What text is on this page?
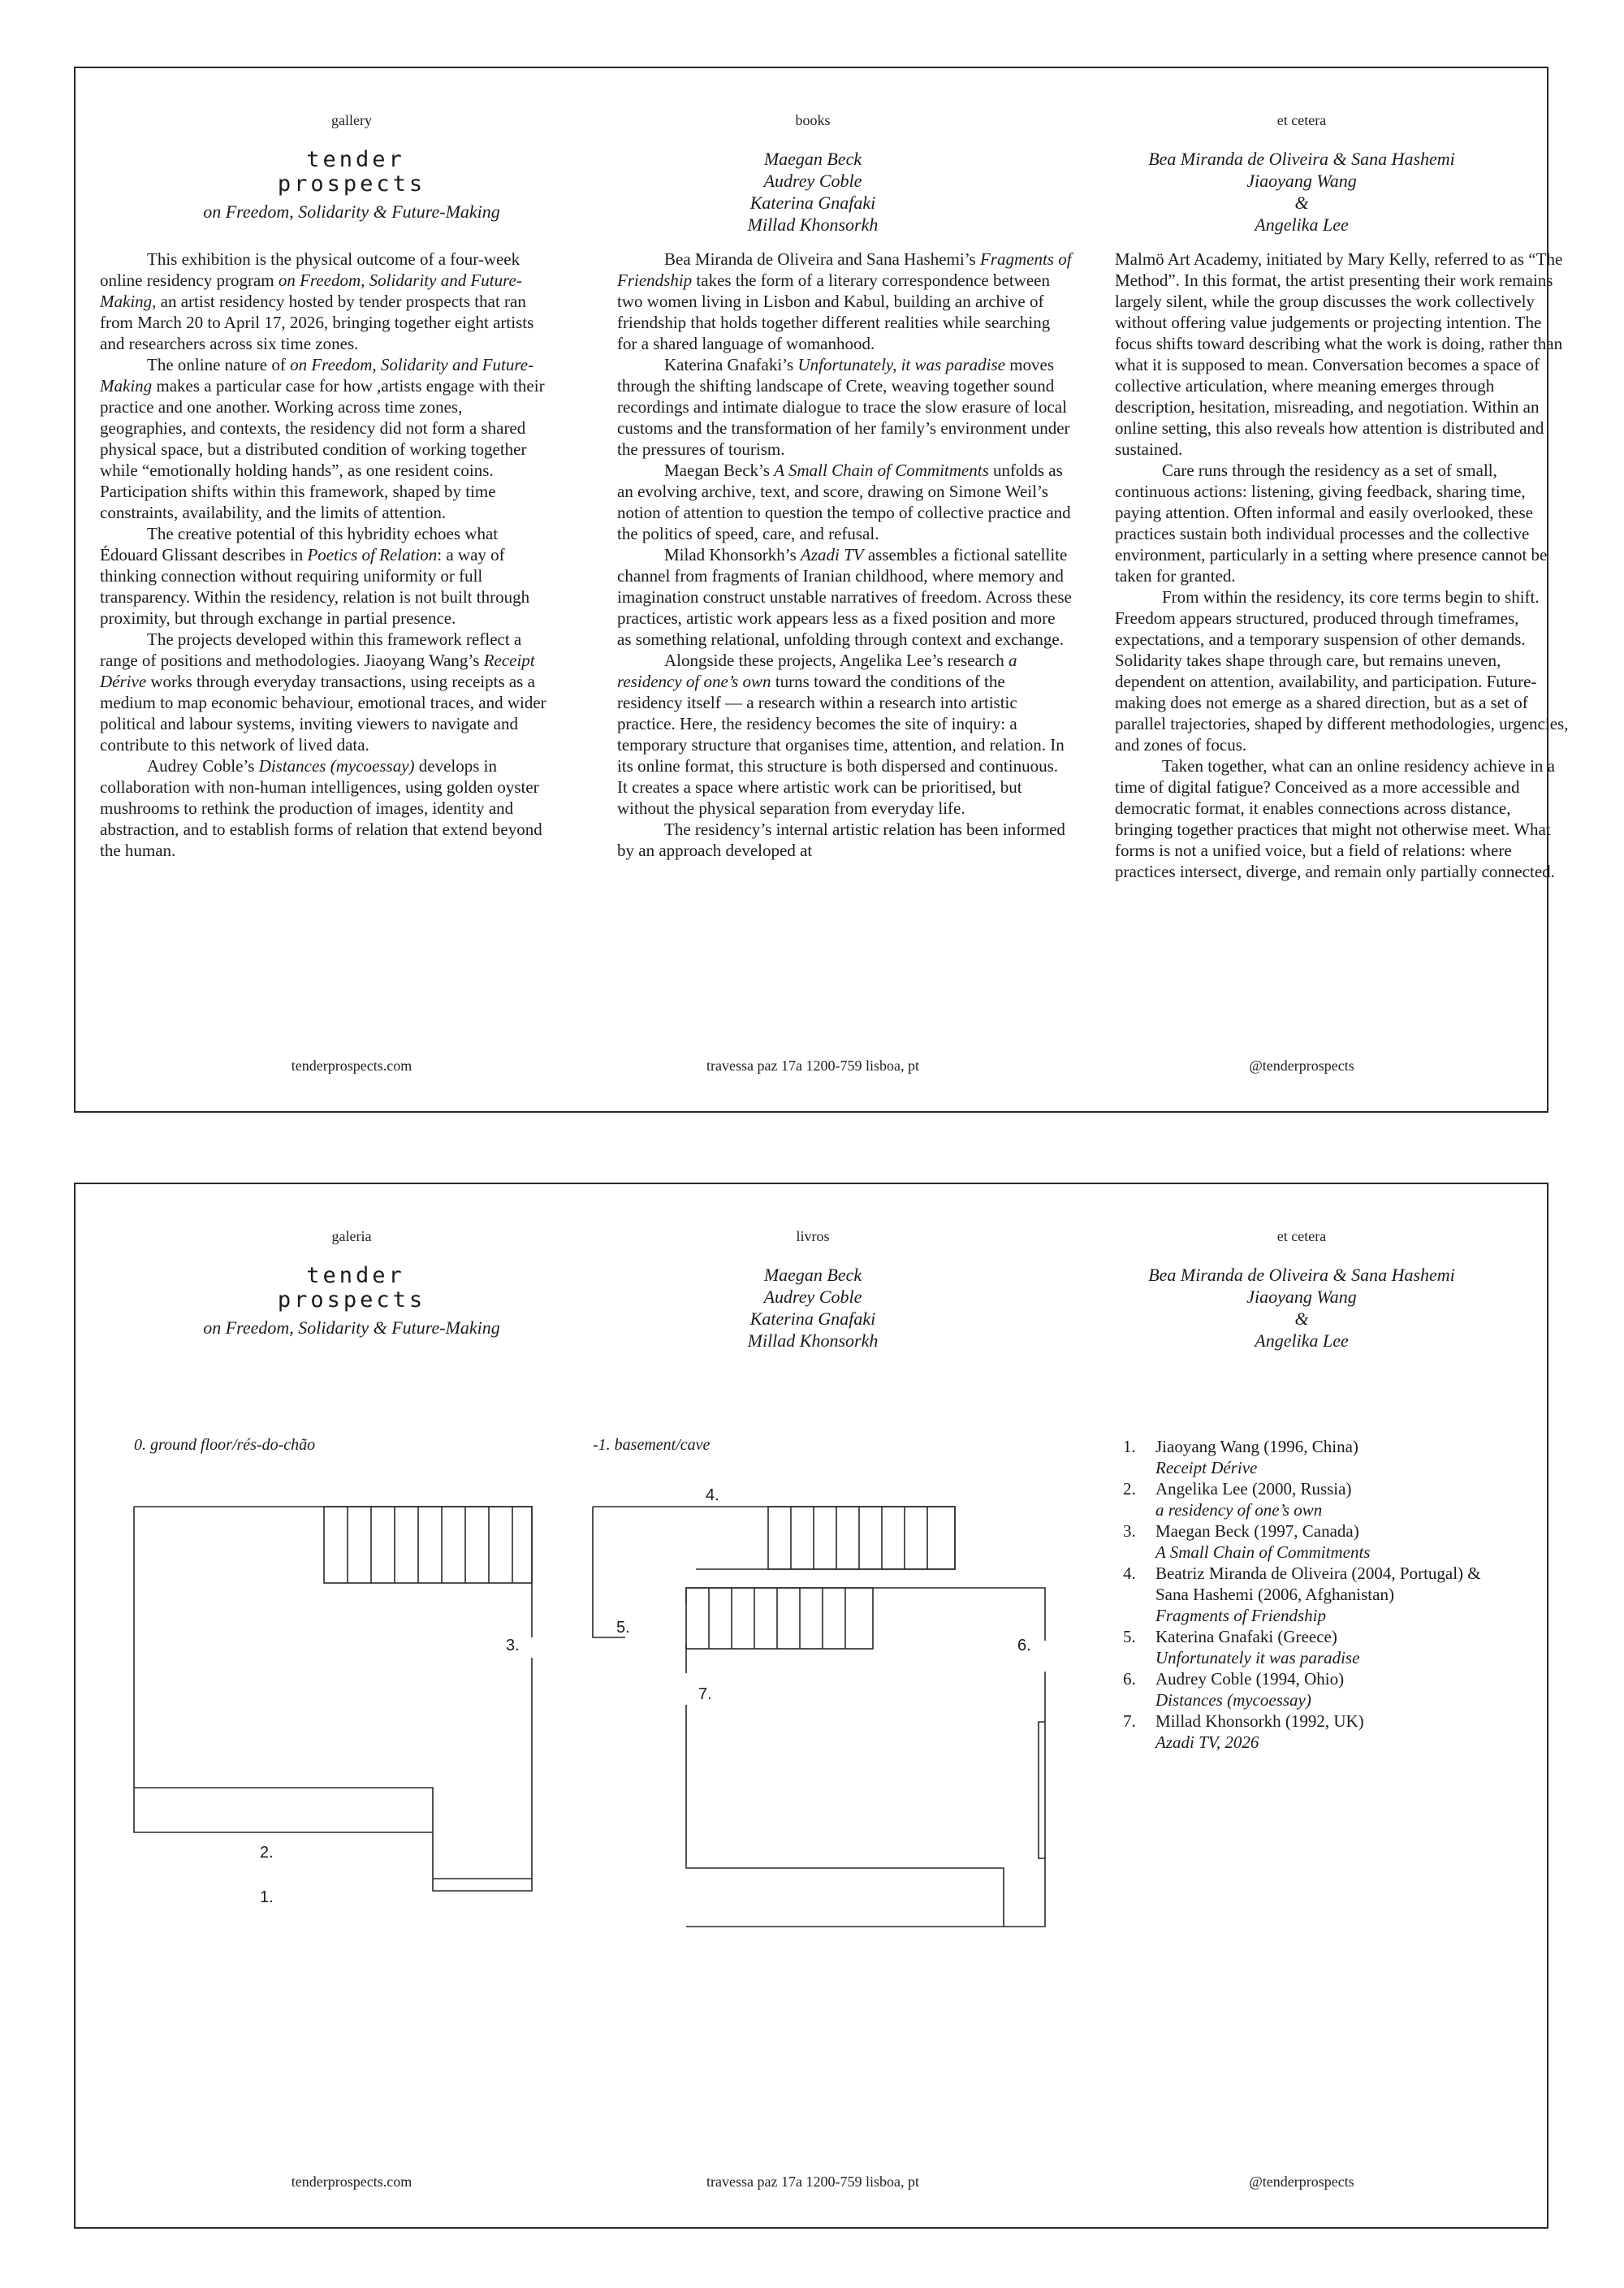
gallery	books	et cetera
tender
prospects
on Freedom, Solidarity & Future-Making
Maegan Beck
Audrey Coble
Katerina Gnafaki
Millad Khonsorkh
Bea Miranda de Oliveira & Sana Hashemi
Jiaoyang Wang
&
Angelika Lee

This exhibition is the physical outcome of a four-week online residency program on Freedom, Solidarity and Future-Making, an artist residency hosted by tender prospects that ran from March 20 to April 17, 2026, bringing together eight artists and researchers across six time zones.

The online nature of on Freedom, Solidarity and Future-Making makes a particular case for how ,artists engage with their practice and one another. Working across time zones, geographies, and contexts, the residency did not form a shared physical space, but a distributed condition of working together while “emotionally holding hands”, as one resident coins. Participation shifts within this framework, shaped by time constraints, availability, and the limits of attention.

The creative potential of this hybridity echoes what Édouard Glissant describes in Poetics of Relation: a way of thinking connection without requiring uniformity or full transparency. Within the residency, relation is not built through proximity, but through exchange in partial presence.

The projects developed within this framework reflect a range of positions and methodologies. Jiaoyang Wang’s Receipt Dérive works through everyday transactions, using receipts as a medium to map economic behaviour, emotional traces, and wider political and labour systems, inviting viewers to navigate and contribute to this network of lived data.

Audrey Coble’s Distances (mycoessay) develops in collaboration with non-human intelligences, using golden oyster mushrooms to rethink the production of images, identity and abstraction, and to establish forms of relation that extend beyond the human.

Bea Miranda de Oliveira and Sana Hashemi’s Fragments of Friendship takes the form of a literary correspondence between two women living in Lisbon and Kabul, building an archive of friendship that holds together different realities while searching for a shared language of womanhood.

Katerina Gnafaki’s Unfortunately, it was paradise moves through the shifting landscape of Crete, weaving together sound recordings and intimate dialogue to trace the slow erasure of local customs and the transformation of her family’s environment under the pressures of tourism.

Maegan Beck’s A Small Chain of Commitments unfolds as an evolving archive, text, and score, drawing on Simone Weil’s notion of attention to question the tempo of collective practice and the politics of speed, care, and refusal.

Milad Khonsorkh’s Azadi TV assembles a fictional satellite channel from fragments of Iranian childhood, where memory and imagination construct unstable narratives of freedom. Across these practices, artistic work appears less as a fixed position and more as something relational, unfolding through context and exchange.

Alongside these projects, Angelika Lee’s research a residency of one’s own turns toward the conditions of the residency itself — a research within a research into artistic practice. Here, the residency becomes the site of inquiry: a temporary structure that organises time, attention, and relation. In its online format, this structure is both dispersed and continuous. It creates a space where artistic work can be prioritised, but without the physical separation from everyday life.

The residency’s internal artistic relation has been informed by an approach developed at

Malmö Art Academy, initiated by Mary Kelly, referred to as “The Method”. In this format, the artist presenting their work remains largely silent, while the group discusses the work collectively without offering value judgements or projecting intention. The focus shifts toward describing what the work is doing, rather than what it is supposed to mean. Conversation becomes a space of collective articulation, where meaning emerges through description, hesitation, misreading, and negotiation. Within an online setting, this also reveals how attention is distributed and sustained.

Care runs through the residency as a set of small, continuous actions: listening, giving feedback, sharing time, paying attention. Often informal and easily overlooked, these practices sustain both individual processes and the collective environment, particularly in a setting where presence cannot be taken for granted.

From within the residency, its core terms begin to shift. Freedom appears structured, produced through timeframes, expectations, and a temporary suspension of other demands. Solidarity takes shape through care, but remains uneven, dependent on attention, availability, and participation. Future-making does not emerge as a shared direction, but as a set of parallel trajectories, shaped by different methodologies, urgencies, and zones of focus.

Taken together, what can an online residency achieve in a time of digital fatigue? Conceived as a more accessible and democratic format, it enables connections across distance, bringing together practices that might not otherwise meet. What forms is not a unified voice, but a field of relations: where practices intersect, diverge, and remain only partially connected.

tenderprospects.com	travessa paz 17a 1200-759 lisboa, pt	@tenderprospects
galeria	livros	et cetera
tender
prospects
on Freedom, Solidarity & Future-Making
Maegan Beck
Audrey Coble
Katerina Gnafaki
Millad Khonsorkh
Bea Miranda de Oliveira & Sana Hashemi
Jiaoyang Wang
&
Angelika Lee
0. ground floor/rés-do-chão	-1. basement/cave
1.
2.
3.
4.
5.
6.
7.
1. Jiaoyang Wang (1996, China)
Receipt Dérive
2. Angelika Lee (2000, Russia)
a residency of one’s own
3. Maegan Beck (1997, Canada)
A Small Chain of Commitments
4. Beatriz Miranda de Oliveira (2004, Portugal) & Sana Hashemi (2006, Afghanistan)
Fragments of Friendship
5. Katerina Gnafaki (Greece)
Unfortunately it was paradise
6. Audrey Coble (1994, Ohio)
Distances (mycoessay)
7. Millad Khonsorkh (1992, UK)
Azadi TV, 2026
tenderprospects.com	travessa paz 17a 1200-759 lisboa, pt	@tenderprospects
